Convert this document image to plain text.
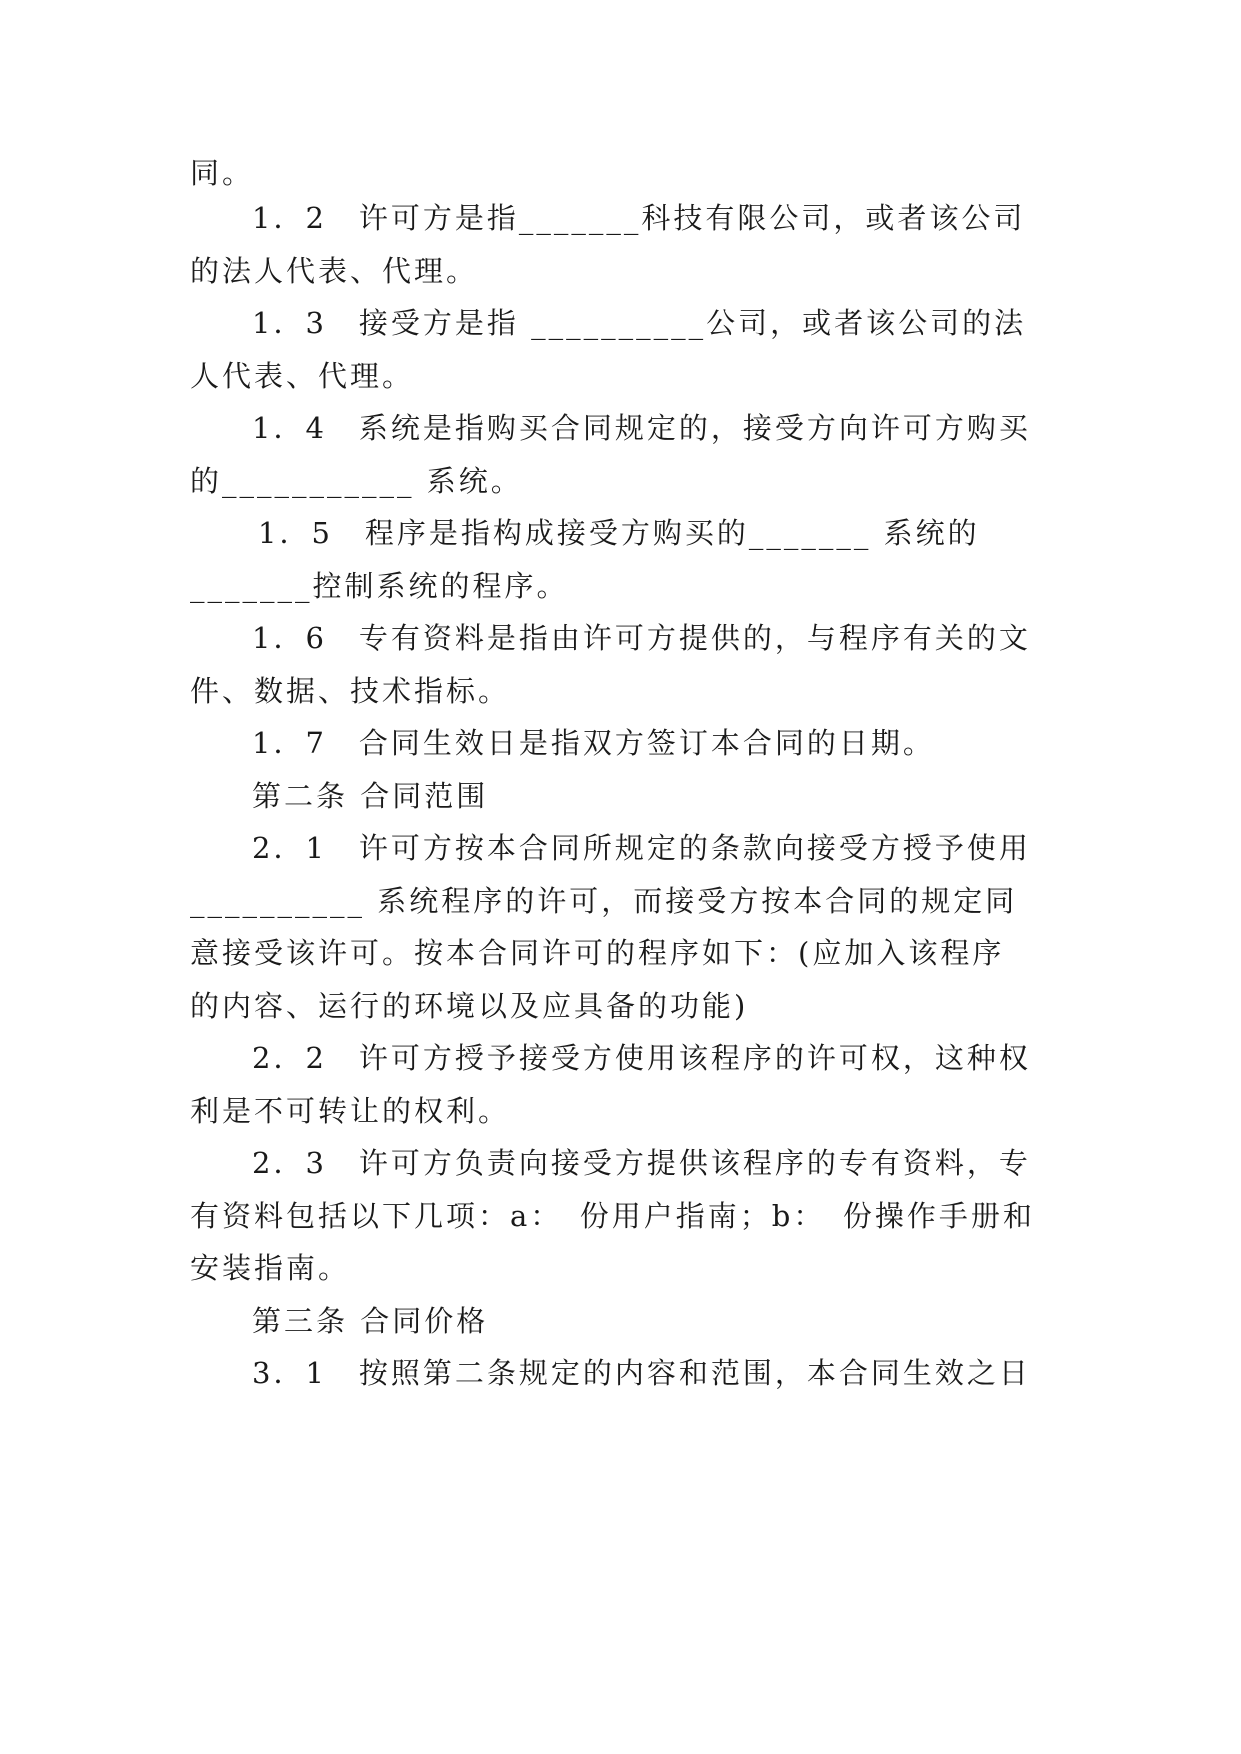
同。
1．2　许可方是指_______科技有限公司，或者该公司
的法人代表、代理。
1．3　接受方是指 __________公司，或者该公司的法
人代表、代理。
1．4　系统是指购买合同规定的，接受方向许可方购买
的___________ 系统。
1．5　程序是指构成接受方购买的_______ 系统的
_______控制系统的程序。
1．6　专有资料是指由许可方提供的，与程序有关的文
件、数据、技术指标。
1．7　合同生效日是指双方签订本合同的日期。
第二条 合同范围
2．1　许可方按本合同所规定的条款向接受方授予使用
__________ 系统程序的许可，而接受方按本合同的规定同
意接受该许可。按本合同许可的程序如下：(应加入该程序
的内容、运行的环境以及应具备的功能)
2．2　许可方授予接受方使用该程序的许可权，这种权
利是不可转让的权利。
2．3　许可方负责向接受方提供该程序的专有资料，专
有资料包括以下几项：a：　份用户指南；b：　份操作手册和
安装指南。
第三条 合同价格
3．1　按照第二条规定的内容和范围，本合同生效之日
